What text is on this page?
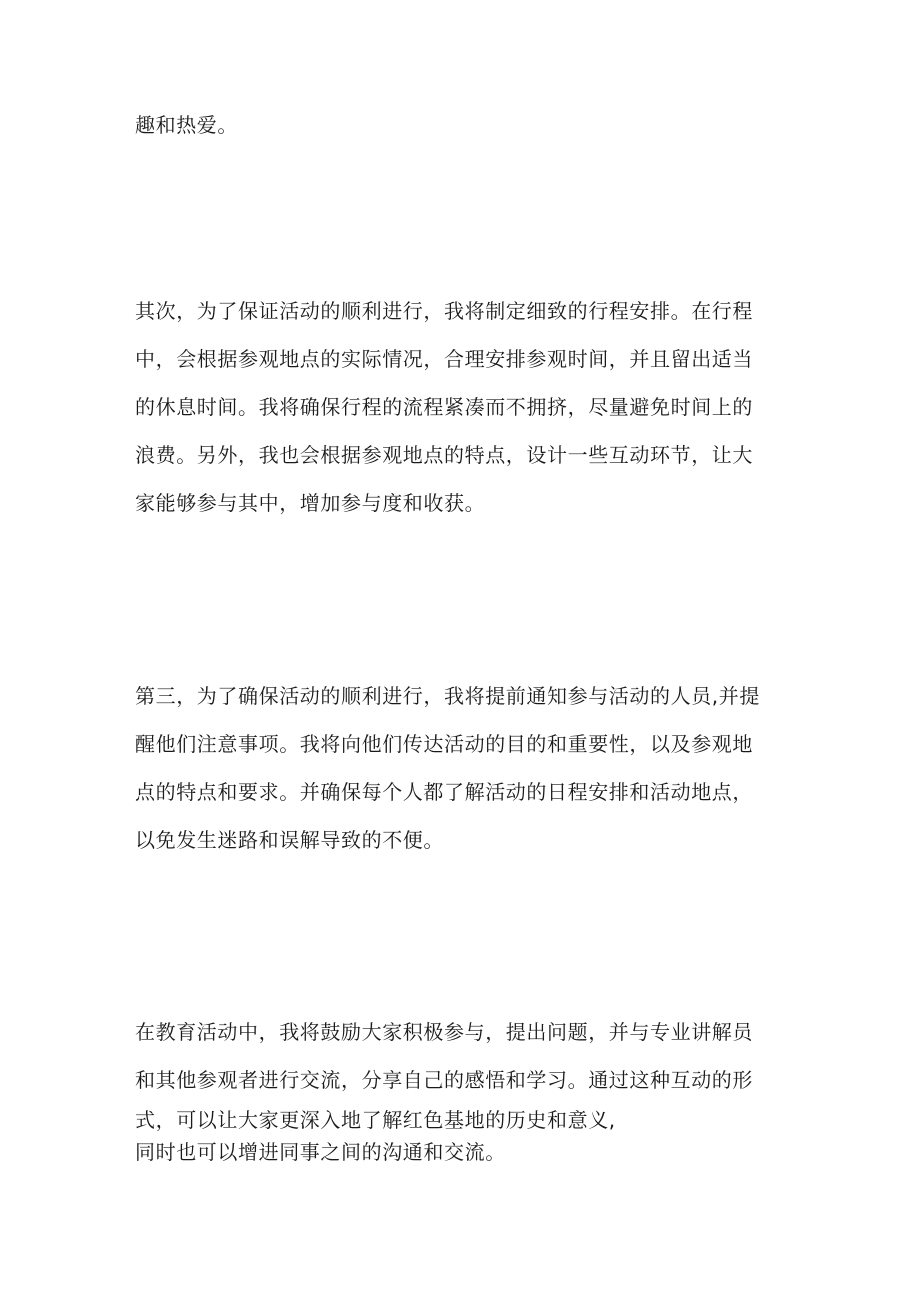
趣和热爱。

其次，为了保证活动的顺利进行，我将制定细致的行程安排。在行程
中，会根据参观地点的实际情况，合理安排参观时间，并且留出适当
的休息时间。我将确保行程的流程紧凑而不拥挤，尽量避免时间上的
浪费。另外，我也会根据参观地点的特点，设计一些互动环节，让大
家能够参与其中，增加参与度和收获。

第三，为了确保活动的顺利进行，我将提前通知参与活动的人员,并提
醒他们注意事项。我将向他们传达活动的目的和重要性，以及参观地
点的特点和要求。并确保每个人都了解活动的日程安排和活动地点，
以免发生迷路和误解导致的不便。

在教育活动中，我将鼓励大家积极参与，提出问题，并与专业讲解员
和其他参观者进行交流，分享自己的感悟和学习。通过这种互动的形
式，可以让大家更深入地了解红色基地的历史和意义,
同时也可以增进同事之间的沟通和交流。
